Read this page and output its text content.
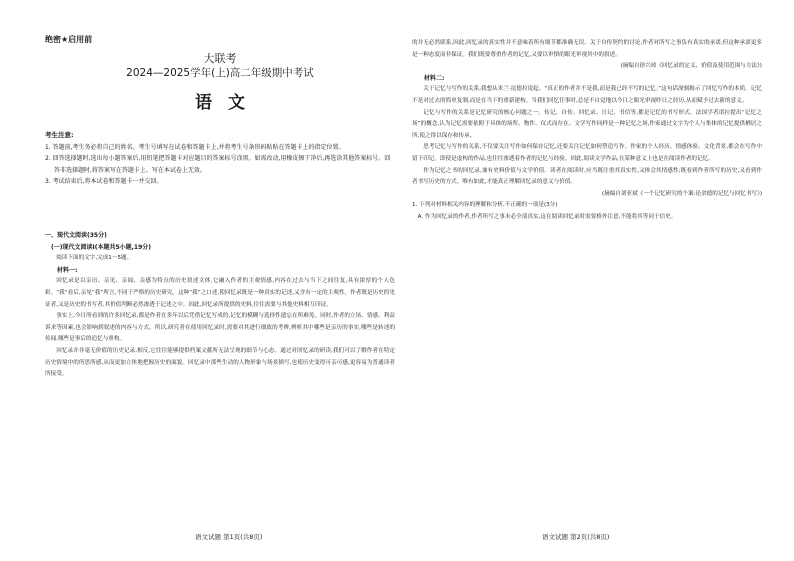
绝密★启用前
大联考
2024—2025学年(上)高二年级期中考试
语文
考生注意:
1. 答题前,考生务必将自己的姓名、考生号填写在试卷和答题卡上,并将考生号条形码粘贴在答题卡上的指定位置。
2. 回答选择题时,选出每小题答案后,用铅笔把答题卡对应题目的答案标号涂黑。如需改动,用橡皮擦干净后,再选涂其他答案标号。回答非选择题时,将答案写在答题卡上。写在本试卷上无效。
3. 考试结束后,将本试卷和答题卡一并交回。
一、现代文阅读(35分)
(一)现代文阅读Ⅰ(本题共5小题,19分)

阅读下面的文字,完成1～5题。

材料一:

回忆录是以亲历、亲见、亲闻、亲感为特点的历史叙述文体,它融入作者的主观情感,内容在过去与当下之间往复,具有浓厚的个人色彩。“我”看后,亲见“我”所言,不同于严格的历史研究。这种“我”之口述,使回忆录既是一种真实的记述,又含有一定的主观性。作者既是历史的见证者,又是历史的书写者,其价值判断必然渗透于记述之中。因此,回忆录所提供的史料,往往需要与其他史料相互印证。

事实上,今日所看到的许多回忆录,都是作者在多年以后凭借记忆写成的,记忆的模糊与选择性遗忘在所难免。同时,作者的立场、情感、利益诉求等因素,也会影响到叙述的内容与方式。所以,研究者在使用回忆录时,需要对其进行细致的考辨,辨析其中哪些是亲历的事实,哪些是转述的传闻,哪些是事后的追忆与重构。

回忆录并非毫无价值的历史记录,相反,它往往能够提供档案文献所无法呈现的细节与心态。通过对回忆录的研读,我们可以了解作者在特定历史情境中的所思所感,从而更加立体地把握历史的面貌。回忆录中那些生动的人物形象与场景描写,也使历史变得可亲可感,更容易为普通读者所接受。

语文试题 第1页(共8页)

的并无必然联系,因此,回忆录的真实性并不意味着所有细节都准确无误。关于自传契约的讨论,作者对所写之事负有真实的承诺,但这种承诺更多是一种态度而非保证。我们既要尊重作者的记忆,又要以审慎的眼光审视其中的叙述。

(摘编自徐兴琼《回忆录的定义、价值及使用范围与方法》)
材料二:

关于记忆与写作的关系,我想从米兰·昆德拉说起。“真正的作者并不是我,而是我已经不写的记忆。”这句话深刻揭示了回忆写作的本质。记忆不是对过去的简单复制,而是在当下的重新建构。当我们回忆往事时,总是不自觉地以今日之眼光审视昨日之经历,从而赋予过去新的意义。

记忆与写作的关系是记忆研究的核心问题之一。传记、自传、回忆录、日记、书信等,都是记忆的书写形式。法国学者诺拉提出“记忆之场”的概念,认为记忆需要依附于具体的场所、物件、仪式而存在。文学写作同样是一种记忆之场,作家通过文字为个人与集体的记忆提供栖居之所,使之得以保存和传承。

思考记忆与写作的关系,不仅要关注写作如何保存记忆,还要关注记忆如何塑造写作。作家的个人经历、情感体验、文化背景,都会在写作中留下印记。即使是虚构的作品,也往往渗透着作者的记忆与经验。因此,阅读文学作品,在某种意义上也是在阅读作者的记忆。

作为记忆之书的回忆录,兼有史料价值与文学价值。读者在阅读时,应当既注重其真实性,又体会其情感性;既看到作者所写的历史,又看到作者书写历史的方式。唯有如此,才能真正理解回忆录的意义与价值。

(摘编自刘亚斌《一个记忆研究的个案:论余德的记忆与回忆书写》)
1. 下列对材料相关内容的理解和分析,不正确的一项是(3分)

A. 作为回忆录的作者,作者所写之事未必全部真实,这在阅读回忆录时需要格外注意,不能将其等同于信史。

语文试题 第2页(共8页)
